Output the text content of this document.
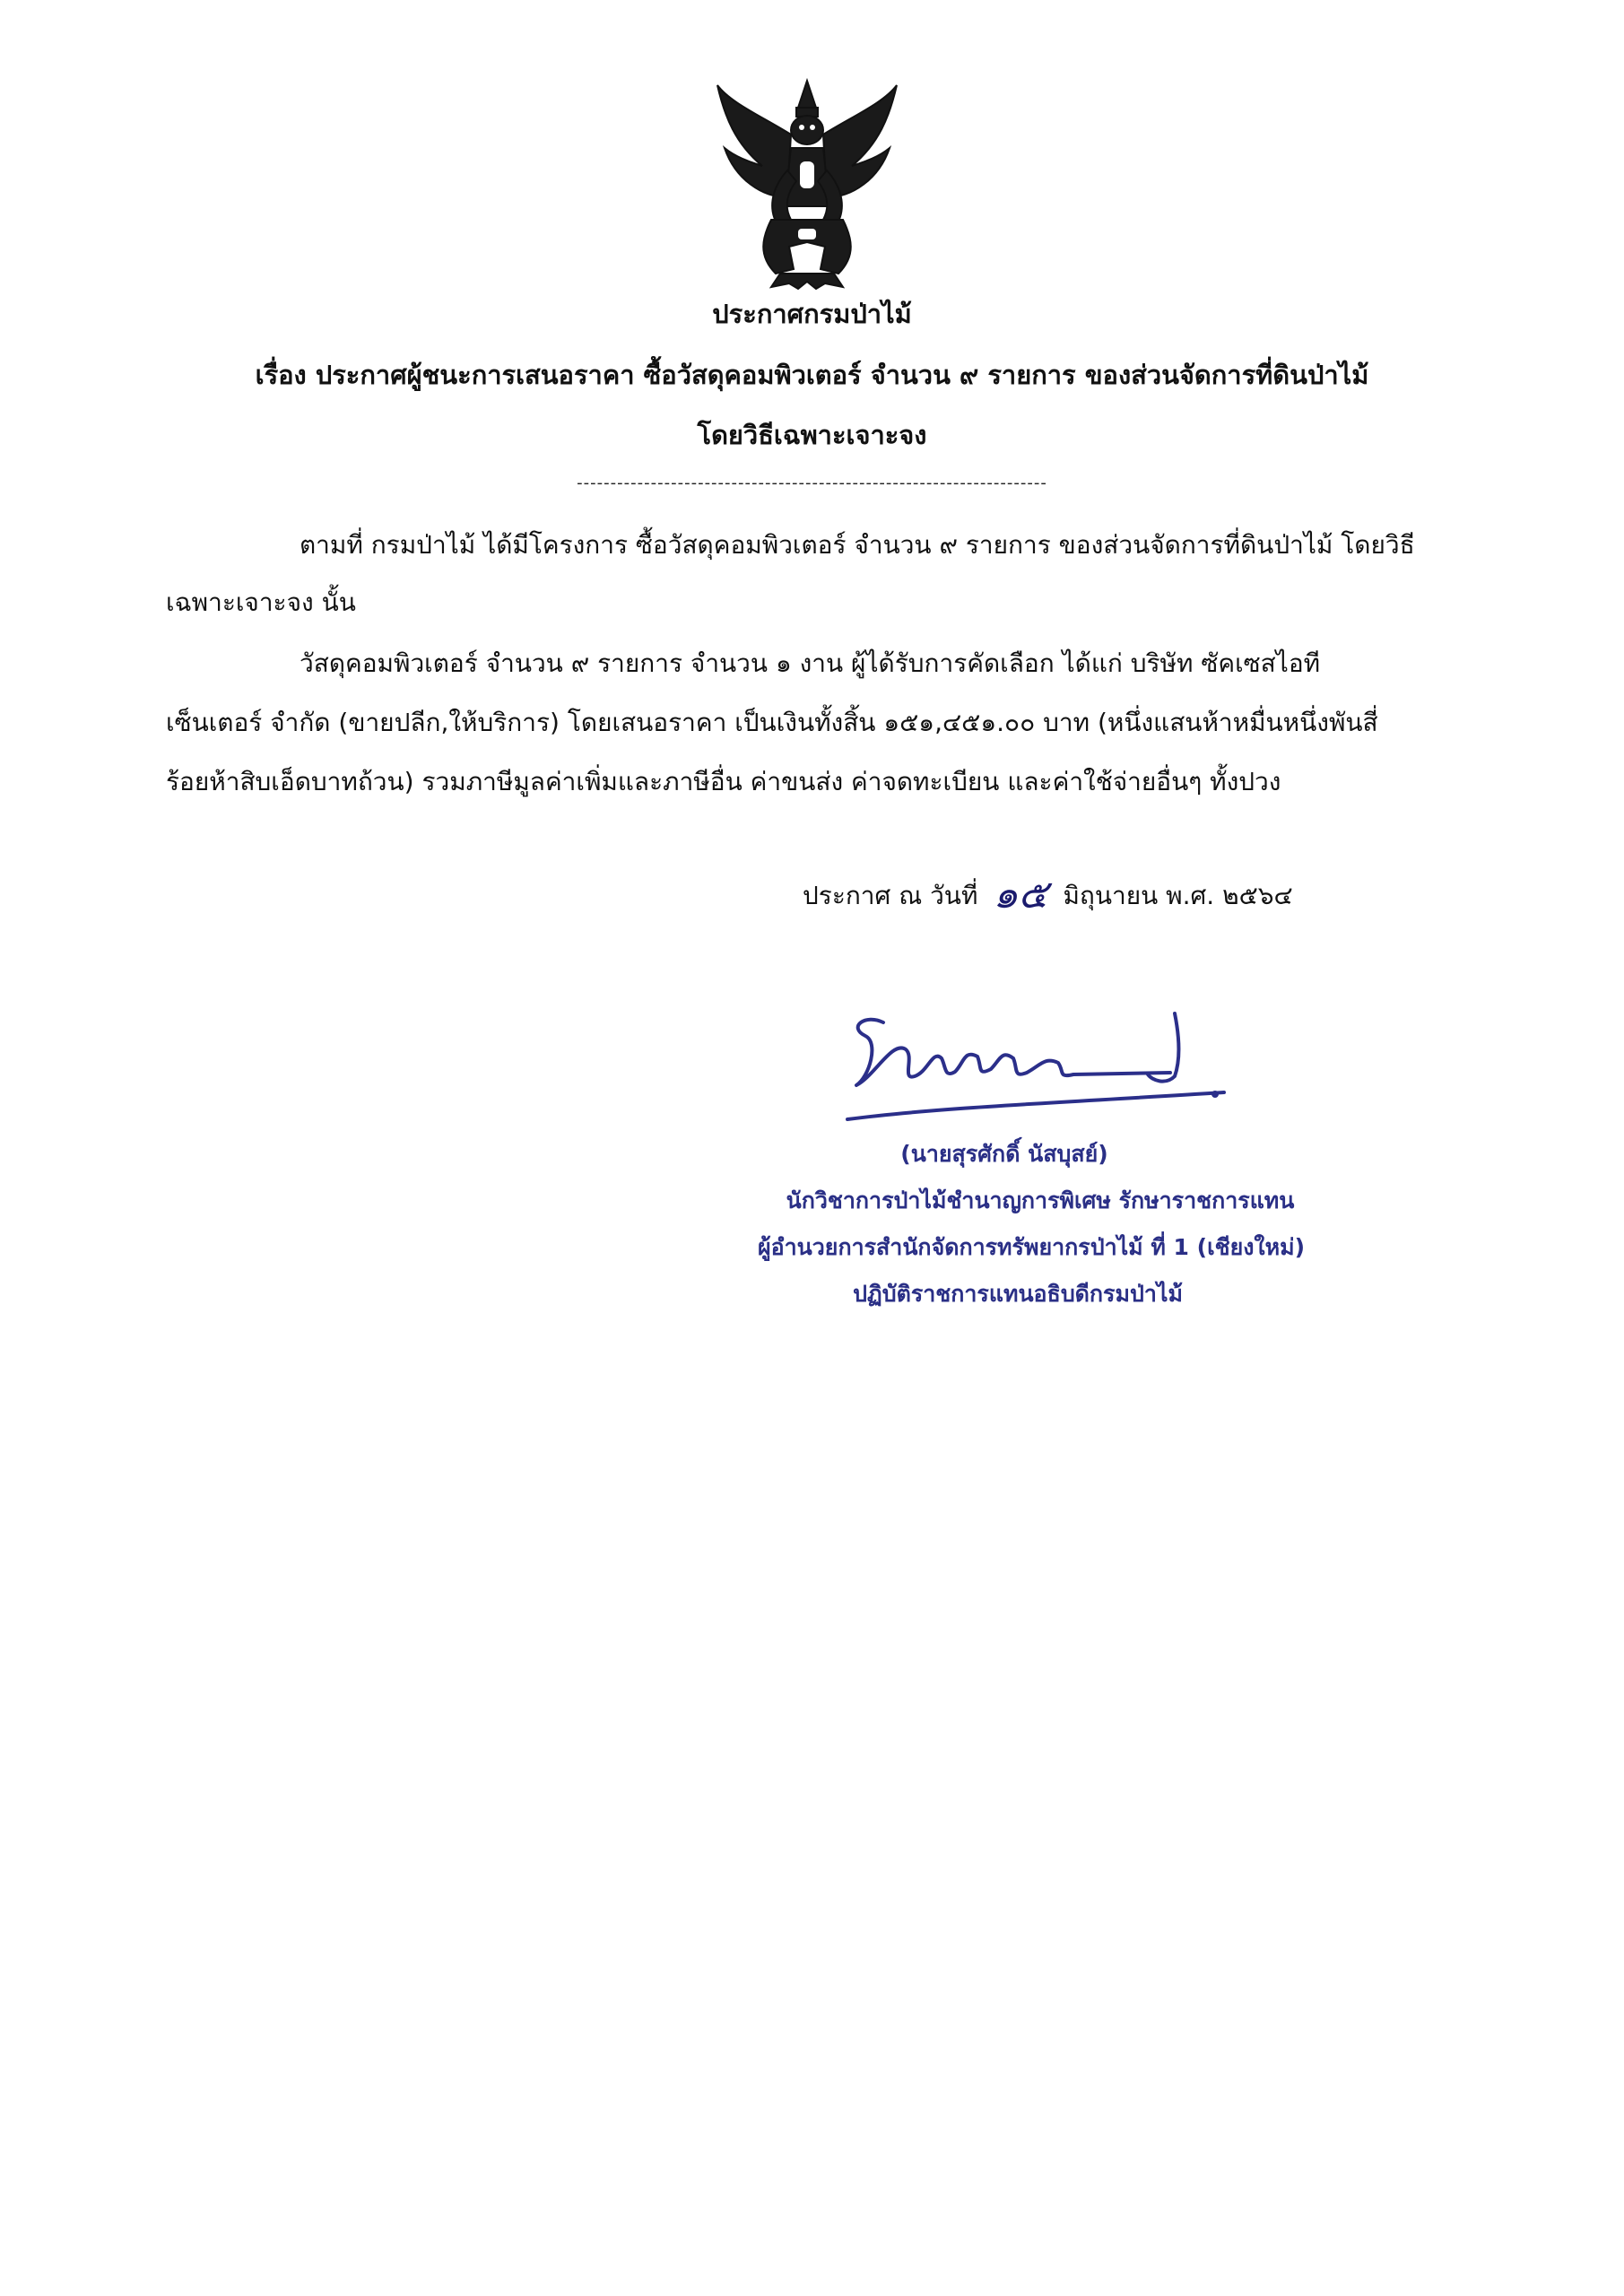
ประกาศกรมป่าไม้
เรื่อง ประกาศผู้ชนะการเสนอราคา ซื้อวัสดุคอมพิวเตอร์ จำนวน ๙ รายการ ของส่วนจัดการที่ดินป่าไม้
โดยวิธีเฉพาะเจาะจง
----------------------------------------------------------------------
ตามที่ กรมป่าไม้ ได้มีโครงการ ซื้อวัสดุคอมพิวเตอร์ จำนวน ๙ รายการ ของส่วนจัดการที่ดินป่าไม้ โดยวิธี
เฉพาะเจาะจง นั้น
วัสดุคอมพิวเตอร์ จำนวน ๙ รายการ จำนวน ๑ งาน ผู้ได้รับการคัดเลือก ได้แก่ บริษัท ซัคเซสไอที
เซ็นเตอร์ จำกัด (ขายปลีก,ให้บริการ) โดยเสนอราคา เป็นเงินทั้งสิ้น ๑๕๑,๔๕๑.๐๐ บาท (หนึ่งแสนห้าหมื่นหนึ่งพันสี่
ร้อยห้าสิบเอ็ดบาทถ้วน) รวมภาษีมูลค่าเพิ่มและภาษีอื่น ค่าขนส่ง ค่าจดทะเบียน และค่าใช้จ่ายอื่นๆ ทั้งปวง
ประกาศ ณ วันที่ ๑๕ มิถุนายน พ.ศ. ๒๕๖๔
(นายสุรศักดิ์ นัสบุสย์)
นักวิชาการป่าไม้ชำนาญการพิเศษ รักษาราชการแทน
ผู้อำนวยการสำนักจัดการทรัพยากรป่าไม้ ที่ 1 (เชียงใหม่)
ปฏิบัติราชการแทนอธิบดีกรมป่าไม้
